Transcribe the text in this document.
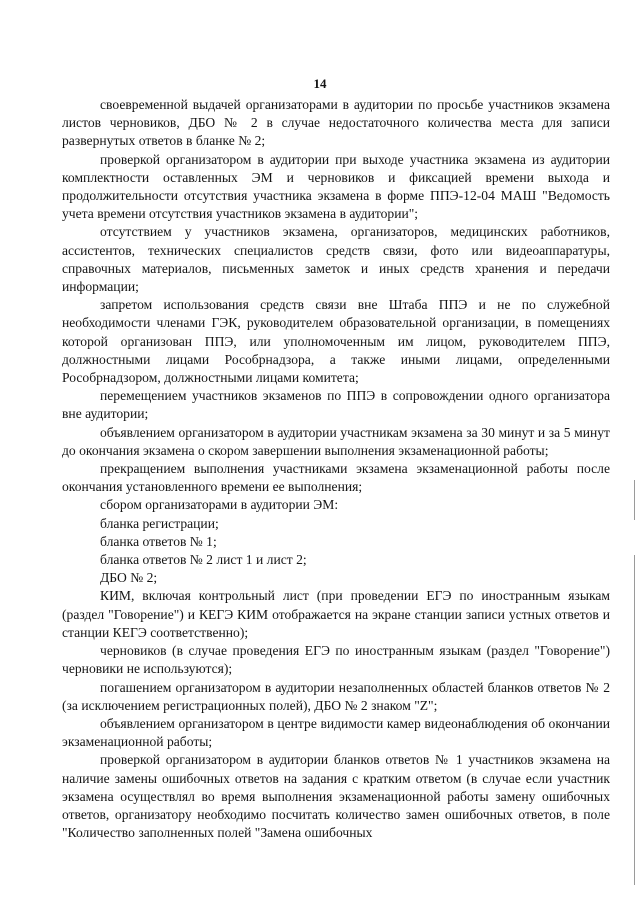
14

своевременной выдачей организаторами в аудитории по просьбе участников экзамена листов черновиков, ДБО № 2 в случае недостаточного количества места для записи развернутых ответов в бланке № 2;

проверкой организатором в аудитории при выходе участника экзамена из аудитории комплектности оставленных ЭМ и черновиков и фиксацией времени выхода и продолжительности отсутствия участника экзамена в форме ППЭ-12-04 МАШ "Ведомость учета времени отсутствия участников экзамена в аудитории";

отсутствием у участников экзамена, организаторов, медицинских работников, ассистентов, технических специалистов средств связи, фото или видеоаппаратуры, справочных материалов, письменных заметок и иных средств хранения и передачи информации;

запретом использования средств связи вне Штаба ППЭ и не по служебной необходимости членами ГЭК, руководителем образовательной организации, в помещениях которой организован ППЭ, или уполномоченным им лицом, руководителем ППЭ, должностными лицами Рособрнадзора, а также иными лицами, определенными Рособрнадзором, должностными лицами комитета;

перемещением участников экзаменов по ППЭ в сопровождении одного организатора вне аудитории;

объявлением организатором в аудитории участникам экзамена за 30 минут и за 5 минут до окончания экзамена о скором завершении выполнения экзаменационной работы;

прекращением выполнения участниками экзамена экзаменационной работы после окончания установленного времени ее выполнения;

сбором организаторами в аудитории ЭМ:

бланка регистрации;

бланка ответов № 1;

бланка ответов № 2 лист 1 и лист 2;

ДБО № 2;

КИМ, включая контрольный лист (при проведении ЕГЭ по иностранным языкам (раздел "Говорение") и КЕГЭ КИМ отображается на экране станции записи устных ответов и станции КЕГЭ соответственно);

черновиков (в случае проведения ЕГЭ по иностранным языкам (раздел "Говорение") черновики не используются);

погашением организатором в аудитории незаполненных областей бланков ответов № 2 (за исключением регистрационных полей), ДБО № 2 знаком "Z";

объявлением организатором в центре видимости камер видеонаблюдения об окончании экзаменационной работы;

проверкой организатором в аудитории бланков ответов № 1 участников экзамена на наличие замены ошибочных ответов на задания с кратким ответом (в случае если участник экзамена осуществлял во время выполнения экзаменационной работы замену ошибочных ответов, организатору необходимо посчитать количество замен ошибочных ответов, в поле "Количество заполненных полей "Замена ошибочных
